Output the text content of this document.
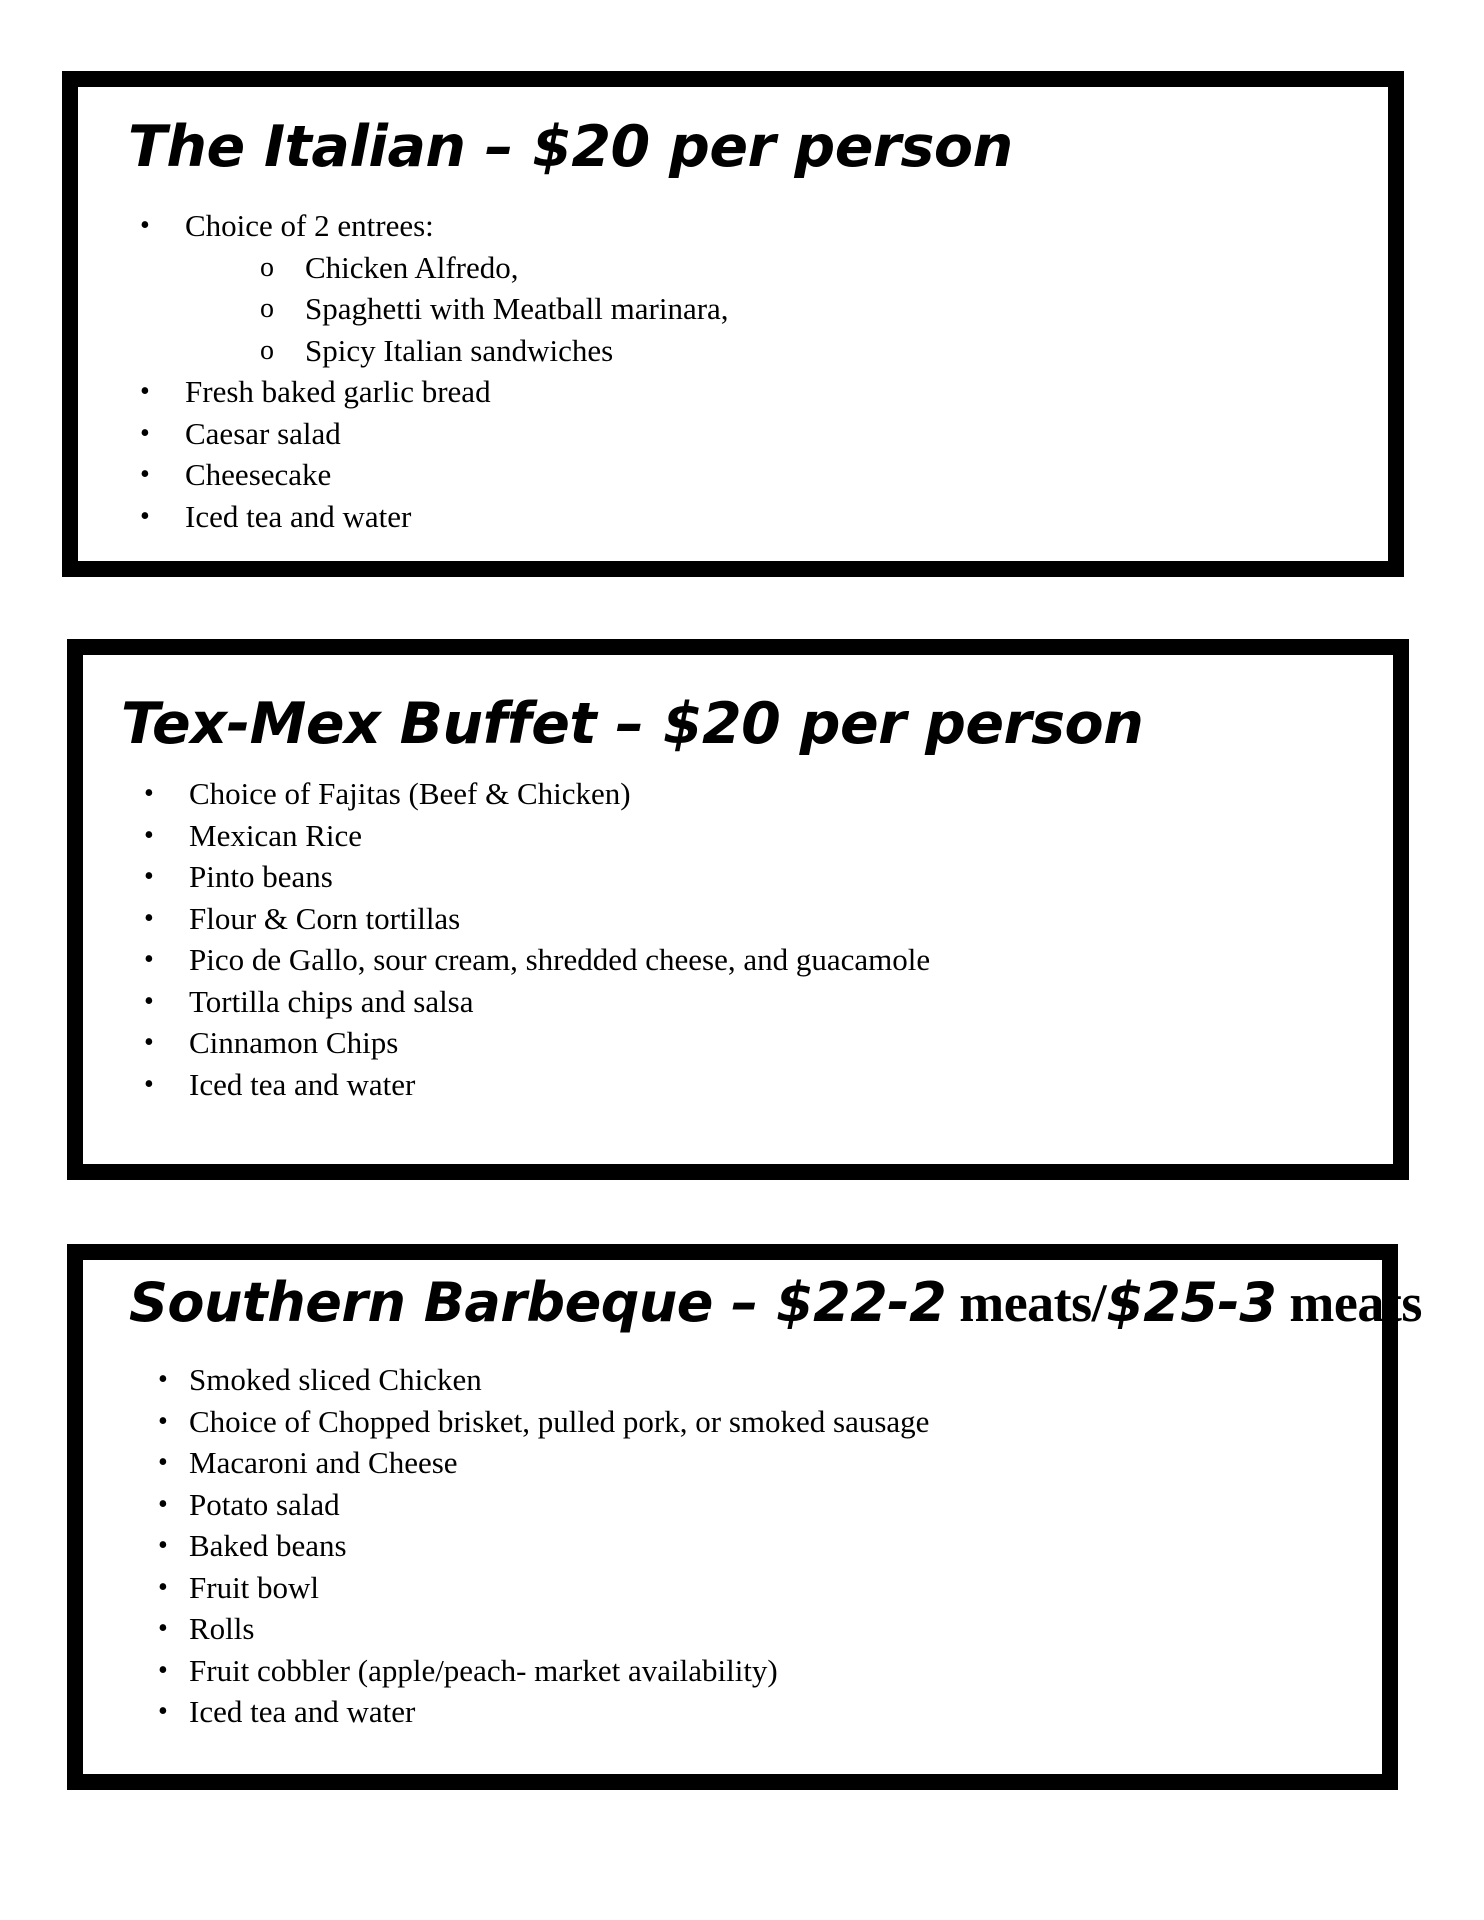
The Italian – $20 per person
• Choice of 2 entrees:
o Chicken Alfredo,
o Spaghetti with Meatball marinara,
o Spicy Italian sandwiches
• Fresh baked garlic bread
• Caesar salad
• Cheesecake
• Iced tea and water
Tex-Mex Buffet – $20 per person
• Choice of Fajitas (Beef & Chicken)
• Mexican Rice
• Pinto beans
• Flour & Corn tortillas
• Pico de Gallo, sour cream, shredded cheese, and guacamole
• Tortilla chips and salsa
• Cinnamon Chips
• Iced tea and water
Southern Barbeque – $22-2 meats/$25-3 meats
• Smoked sliced Chicken
• Choice of Chopped brisket, pulled pork, or smoked sausage
• Macaroni and Cheese
• Potato salad
• Baked beans
• Fruit bowl
• Rolls
• Fruit cobbler (apple/peach- market availability)
• Iced tea and water
